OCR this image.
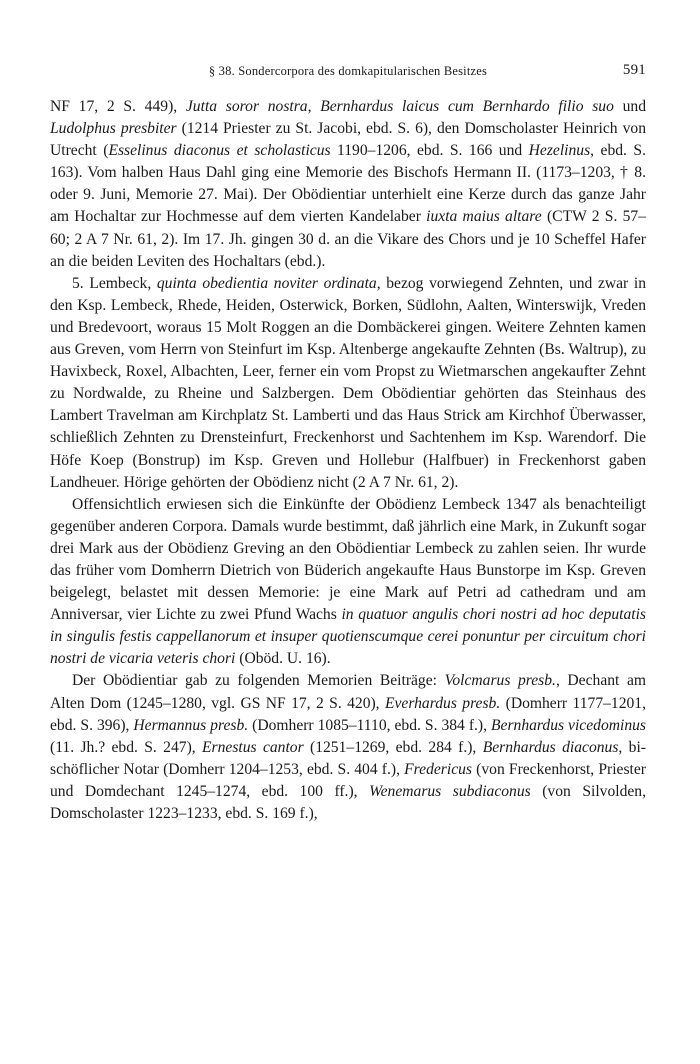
§ 38. Sondercorpora des domkapitularischen Besitzes	591

NF 17, 2 S. 449), Jutta soror nostra, Bernhardus laicus cum Bernhardo filio suo und Ludolphus presbiter (1214 Priester zu St. Jacobi, ebd. S. 6), den Domscholaster Heinrich von Utrecht (Esselinus diaconus et scholasticus 1190–1206, ebd. S. 166 und Hezelinus, ebd. S. 163). Vom halben Haus Dahl ging eine Memorie des Bischofs Hermann II. (1173–1203, † 8. oder 9. Juni, Memorie 27. Mai). Der Obödientiar unterhielt eine Kerze durch das ganze Jahr am Hochaltar zur Hochmesse auf dem vierten Kandelaber iuxta maius altare (CTW 2 S. 57–60; 2 A 7 Nr. 61, 2). Im 17. Jh. gingen 30 d. an die Vikare des Chors und je 10 Scheffel Hafer an die beiden Leviten des Hochaltars (ebd.).

5. Lembeck, quinta obedientia noviter ordinata, bezog vorwiegend Zehnten, und zwar in den Ksp. Lembeck, Rhede, Heiden, Osterwick, Borken, Südlohn, Aalten, Winterswijk, Vreden und Bredevoort, woraus 15 Molt Roggen an die Dombäckerei gingen. Weitere Zehnten kamen aus Greven, vom Herrn von Steinfurt im Ksp. Altenberge angekaufte Zehnten (Bs. Waltrup), zu Havixbeck, Roxel, Albachten, Leer, ferner ein vom Propst zu Wietmarschen angekaufter Zehnt zu Nordwalde, zu Rheine und Salzbergen. Dem Obödientiar gehörten das Steinhaus des Lambert Travelman am Kirchplatz St. Lamberti und das Haus Strick am Kirchhof Überwasser, schließlich Zehnten zu Drensteinfurt, Freckenhorst und Sachtenhem im Ksp. Warendorf. Die Höfe Koep (Bonstrup) im Ksp. Greven und Hollebur (Halfbuer) in Freckenhorst gaben Landheuer. Hörige gehörten der Obödienz nicht (2 A 7 Nr. 61, 2).

Offensichtlich erwiesen sich die Einkünfte der Obödienz Lembeck 1347 als benachteiligt gegenüber anderen Corpora. Damals wurde bestimmt, daß jährlich eine Mark, in Zukunft sogar drei Mark aus der Obödienz Greving an den Obödientiar Lembeck zu zahlen seien. Ihr wurde das früher vom Domherrn Dietrich von Büderich angekaufte Haus Bunstorpe im Ksp. Greven beigelegt, belastet mit dessen Memorie: je eine Mark auf Petri ad cathedram und am Anniversar, vier Lichte zu zwei Pfund Wachs in quatuor angulis chori nostri ad hoc deputatis in singulis festis cappellanorum et insuper quotienscumque cerei ponuntur per circuitum chori nostri de vicaria veteris chori (Oböd. U. 16).

Der Obödientiar gab zu folgenden Memorien Beiträge: Volcmarus presb., Dechant am Alten Dom (1245–1280, vgl. GS NF 17, 2 S. 420), Everhardus presb. (Domherr 1177–1201, ebd. S. 396), Hermannus presb. (Domherr 1085–1110, ebd. S. 384 f.), Bernhardus vicedominus (11. Jh.? ebd. S. 247), Ernestus cantor (1251–1269, ebd. 284 f.), Bernhardus diaconus, bischöflicher Notar (Domherr 1204–1253, ebd. S. 404 f.), Fredericus (von Freckenhorst, Priester und Domdechant 1245–1274, ebd. 100 ff.), Wenemarus subdiaconus (von Silvolden, Domscholaster 1223–1233, ebd. S. 169 f.),
